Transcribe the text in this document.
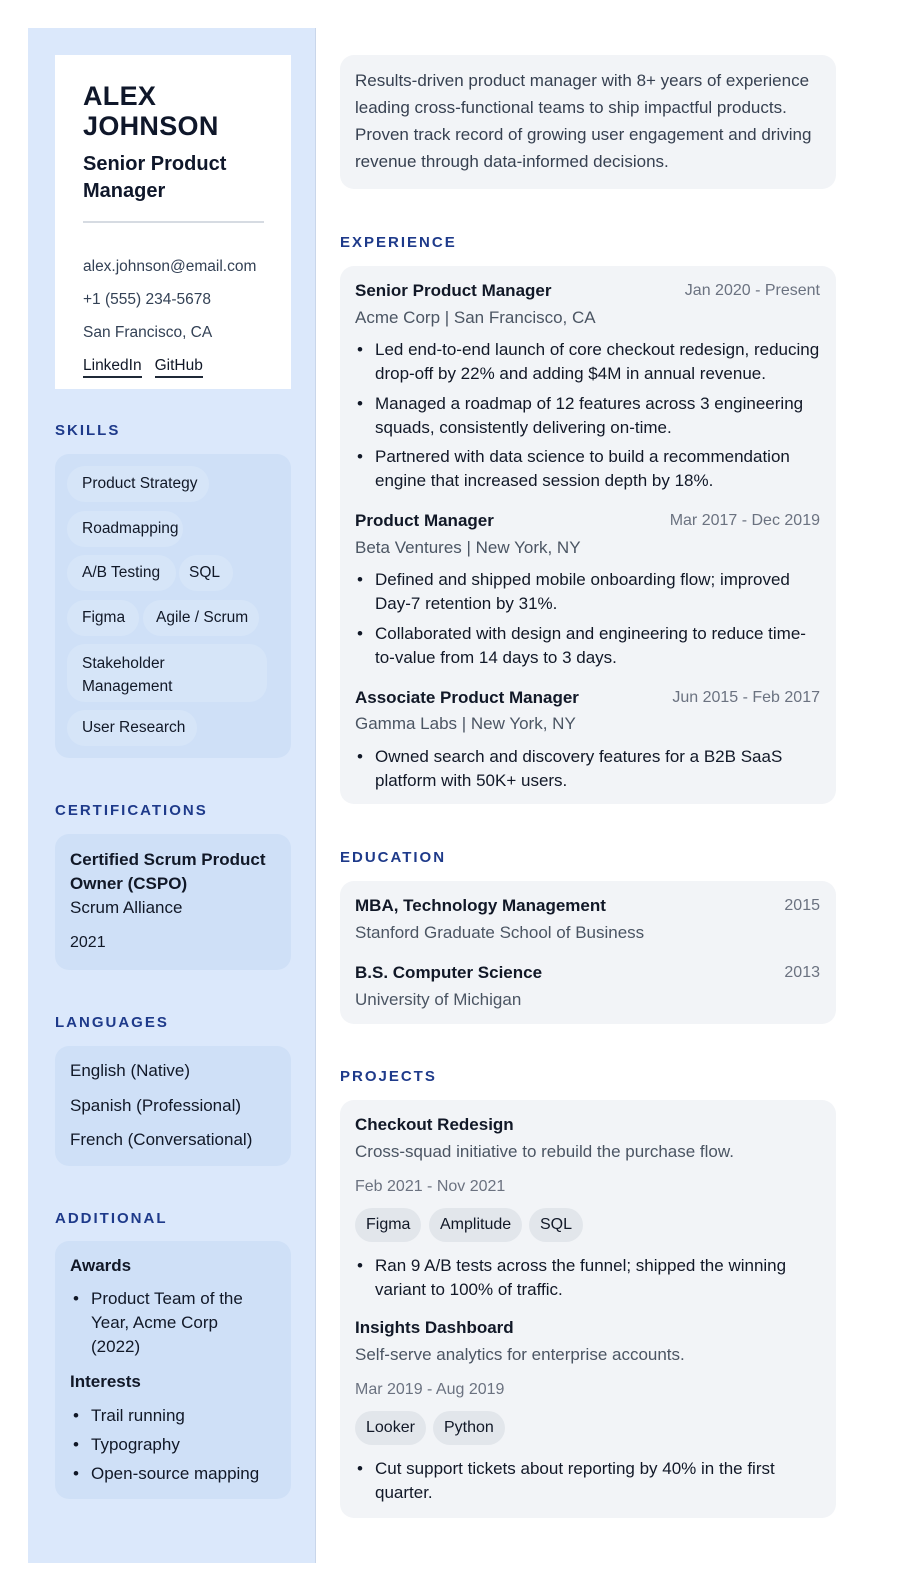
ALEX JOHNSON
Senior Product Manager
alex.johnson@email.com
+1 (555) 234-5678
San Francisco, CA
LinkedIn GitHub
SKILLS
Product Strategy
Roadmapping
A/B Testing SQL
Figma Agile / Scrum
Stakeholder Management
User Research
CERTIFICATIONS
Certified Scrum Product Owner (CSPO)
Scrum Alliance
2021
LANGUAGES
English (Native)
Spanish (Professional)
French (Conversational)
ADDITIONAL
Awards
• Product Team of the Year, Acme Corp (2022)
Interests
• Trail running
• Typography
• Open-source mapping
Results-driven product manager with 8+ years of experience leading cross-functional teams to ship impactful products. Proven track record of growing user engagement and driving revenue through data-informed decisions.
EXPERIENCE
Senior Product Manager	Jan 2020 - Present
Acme Corp | San Francisco, CA
• Led end-to-end launch of core checkout redesign, reducing drop-off by 22% and adding $4M in annual revenue.
• Managed a roadmap of 12 features across 3 engineering squads, consistently delivering on-time.
• Partnered with data science to build a recommendation engine that increased session depth by 18%.
Product Manager	Mar 2017 - Dec 2019
Beta Ventures | New York, NY
• Defined and shipped mobile onboarding flow; improved Day-7 retention by 31%.
• Collaborated with design and engineering to reduce time-to-value from 14 days to 3 days.
Associate Product Manager	Jun 2015 - Feb 2017
Gamma Labs | New York, NY
• Owned search and discovery features for a B2B SaaS platform with 50K+ users.
EDUCATION
MBA, Technology Management	2015
Stanford Graduate School of Business
B.S. Computer Science	2013
University of Michigan
PROJECTS
Checkout Redesign
Cross-squad initiative to rebuild the purchase flow.
Feb 2021 - Nov 2021
Figma	Amplitude	SQL
• Ran 9 A/B tests across the funnel; shipped the winning variant to 100% of traffic.
Insights Dashboard
Self-serve analytics for enterprise accounts.
Mar 2019 - Aug 2019
Looker	Python
• Cut support tickets about reporting by 40% in the first quarter.
